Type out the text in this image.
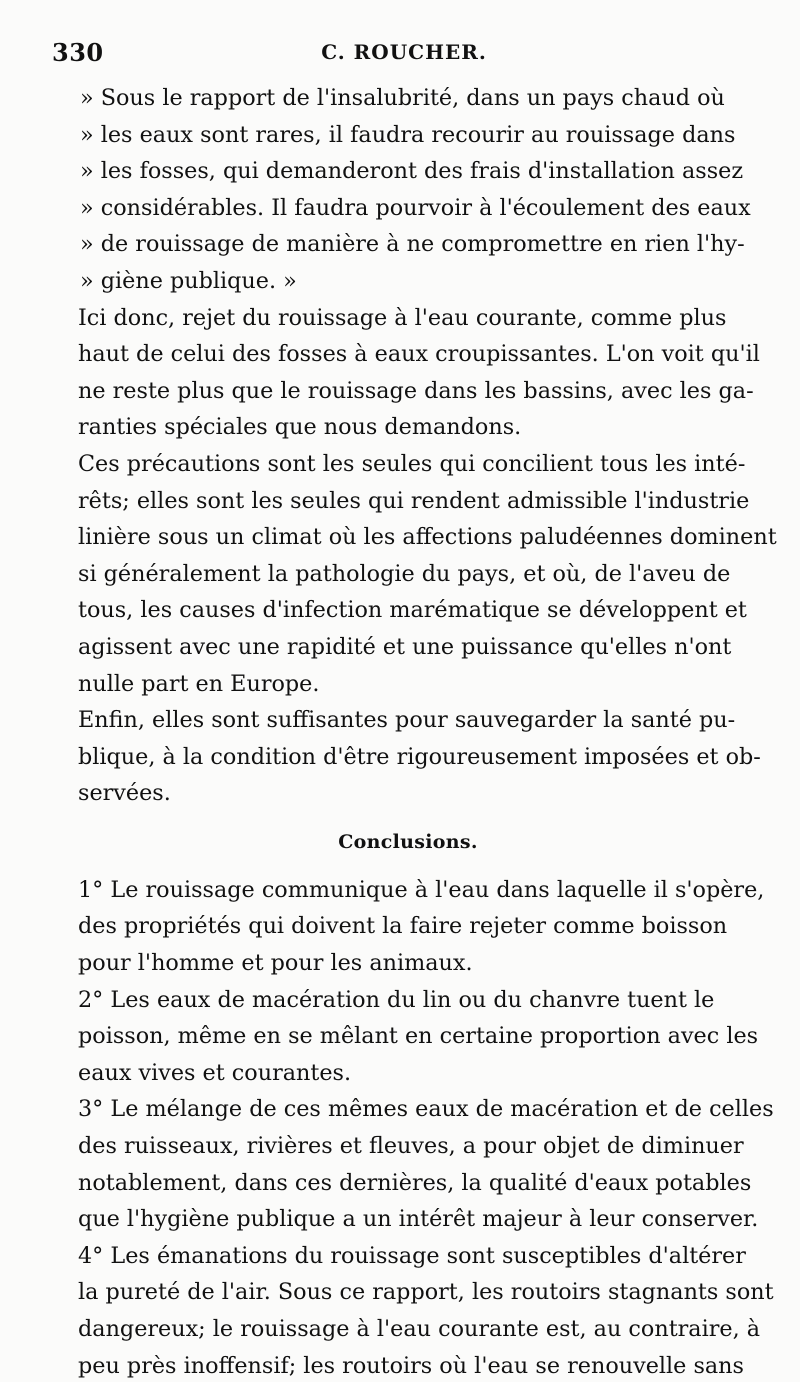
330	C. ROUCHER.

» Sous le rapport de l'insalubrité, dans un pays chaud où
» les eaux sont rares, il faudra recourir au rouissage dans
» les fosses, qui demanderont des frais d'installation assez
» considérables. Il faudra pourvoir à l'écoulement des eaux
» de rouissage de manière à ne compromettre en rien l'hy-
» giène publique. »

Ici donc, rejet du rouissage à l'eau courante, comme plus
haut de celui des fosses à eaux croupissantes. L'on voit qu'il
ne reste plus que le rouissage dans les bassins, avec les ga-
ranties spéciales que nous demandons.

Ces précautions sont les seules qui concilient tous les inté-
rêts; elles sont les seules qui rendent admissible l'industrie
linière sous un climat où les affections paludéennes dominent
si généralement la pathologie du pays, et où, de l'aveu de
tous, les causes d'infection marématique se développent et
agissent avec une rapidité et une puissance qu'elles n'ont
nulle part en Europe.

Enfin, elles sont suffisantes pour sauvegarder la santé pu-
blique, à la condition d'être rigoureusement imposées et ob-
servées.

Conclusions.

1° Le rouissage communique à l'eau dans laquelle il s'opère,
des propriétés qui doivent la faire rejeter comme boisson
pour l'homme et pour les animaux.

2° Les eaux de macération du lin ou du chanvre tuent le
poisson, même en se mêlant en certaine proportion avec les
eaux vives et courantes.

3° Le mélange de ces mêmes eaux de macération et de celles
des ruisseaux, rivières et fleuves, a pour objet de diminuer
notablement, dans ces dernières, la qualité d'eaux potables
que l'hygiène publique a un intérêt majeur à leur conserver.

4° Les émanations du rouissage sont susceptibles d'altérer
la pureté de l'air. Sous ce rapport, les routoirs stagnants sont
dangereux; le rouissage à l'eau courante est, au contraire, à
peu près inoffensif; les routoirs où l'eau se renouvelle sans
